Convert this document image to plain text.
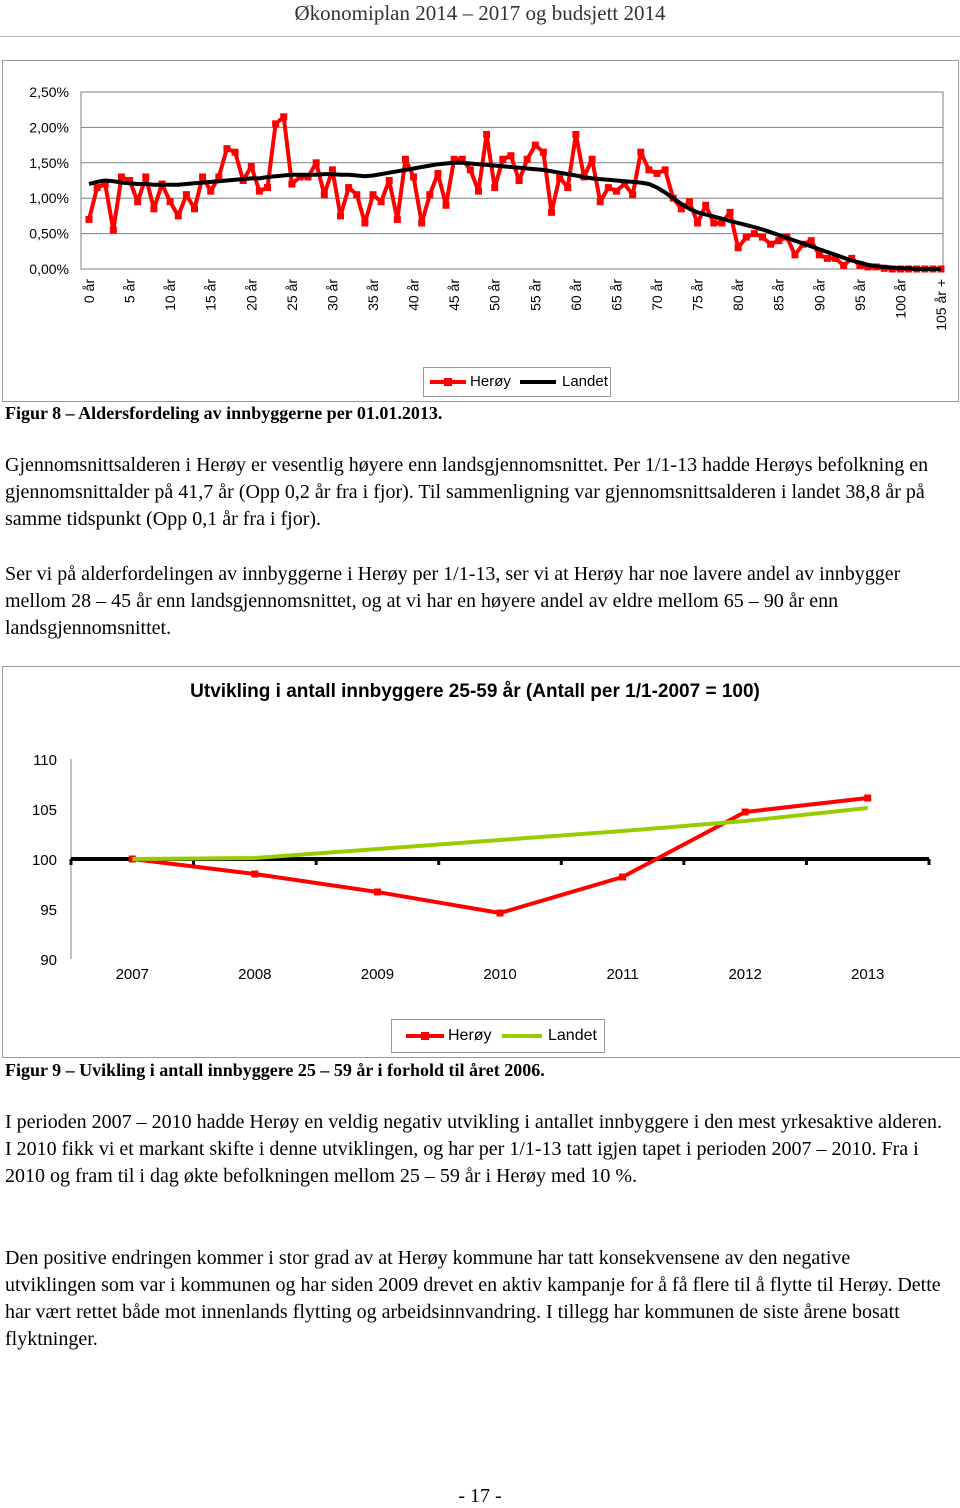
Økonomiplan 2014 – 2017 og budsjett 2014
2,50%
2,00%
1,50%
1,00%
0,50%
0,00%
0 år 5 år 10 år 15 år 20 år 25 år 30 år 35 år 40 år 45 år 50 år 55 år 60 år 65 år 70 år 75 år 80 år 85 år 90 år 95 år 100 år 105 år +
Herøy	Landet
Figur 8 – Aldersfordeling av innbyggerne per 01.01.2013.
Gjennomsnittsalderen i Herøy er vesentlig høyere enn landsgjennomsnittet. Per 1/1-13 hadde Herøys befolkning en gjennomsnittalder på 41,7 år (Opp 0,2 år fra i fjor). Til sammenligning var gjennomsnittsalderen i landet 38,8 år på samme tidspunkt (Opp 0,1 år fra i fjor).
Ser vi på alderfordelingen av innbyggerne i Herøy per 1/1-13, ser vi at Herøy har noe lavere andel av innbygger mellom 28 – 45 år enn landsgjennomsnittet, og at vi har en høyere andel av eldre mellom 65 – 90 år enn landsgjennomsnittet.
Utvikling i antall innbyggere 25-59 år (Antall per 1/1-2007 = 100)
110
105
100
95
90
2007	2008	2009	2010	2011	2012	2013
Herøy	Landet
Figur 9 – Uvikling i antall innbyggere 25 – 59 år i forhold til året 2006.
I perioden 2007 – 2010 hadde Herøy en veldig negativ utvikling i antallet innbyggere i den mest yrkesaktive alderen. I 2010 fikk vi et markant skifte i denne utviklingen, og har per 1/1-13 tatt igjen tapet i perioden 2007 – 2010. Fra i 2010 og fram til i dag økte befolkningen mellom 25 – 59 år i Herøy med 10 %.
Den positive endringen kommer i stor grad av at Herøy kommune har tatt konsekvensene av den negative utviklingen som var i kommunen og har siden 2009 drevet en aktiv kampanje for å få flere til å flytte til Herøy. Dette har vært rettet både mot innenlands flytting og arbeidsinnvandring. I tillegg har kommunen de siste årene bosatt flyktninger.
- 17 -
